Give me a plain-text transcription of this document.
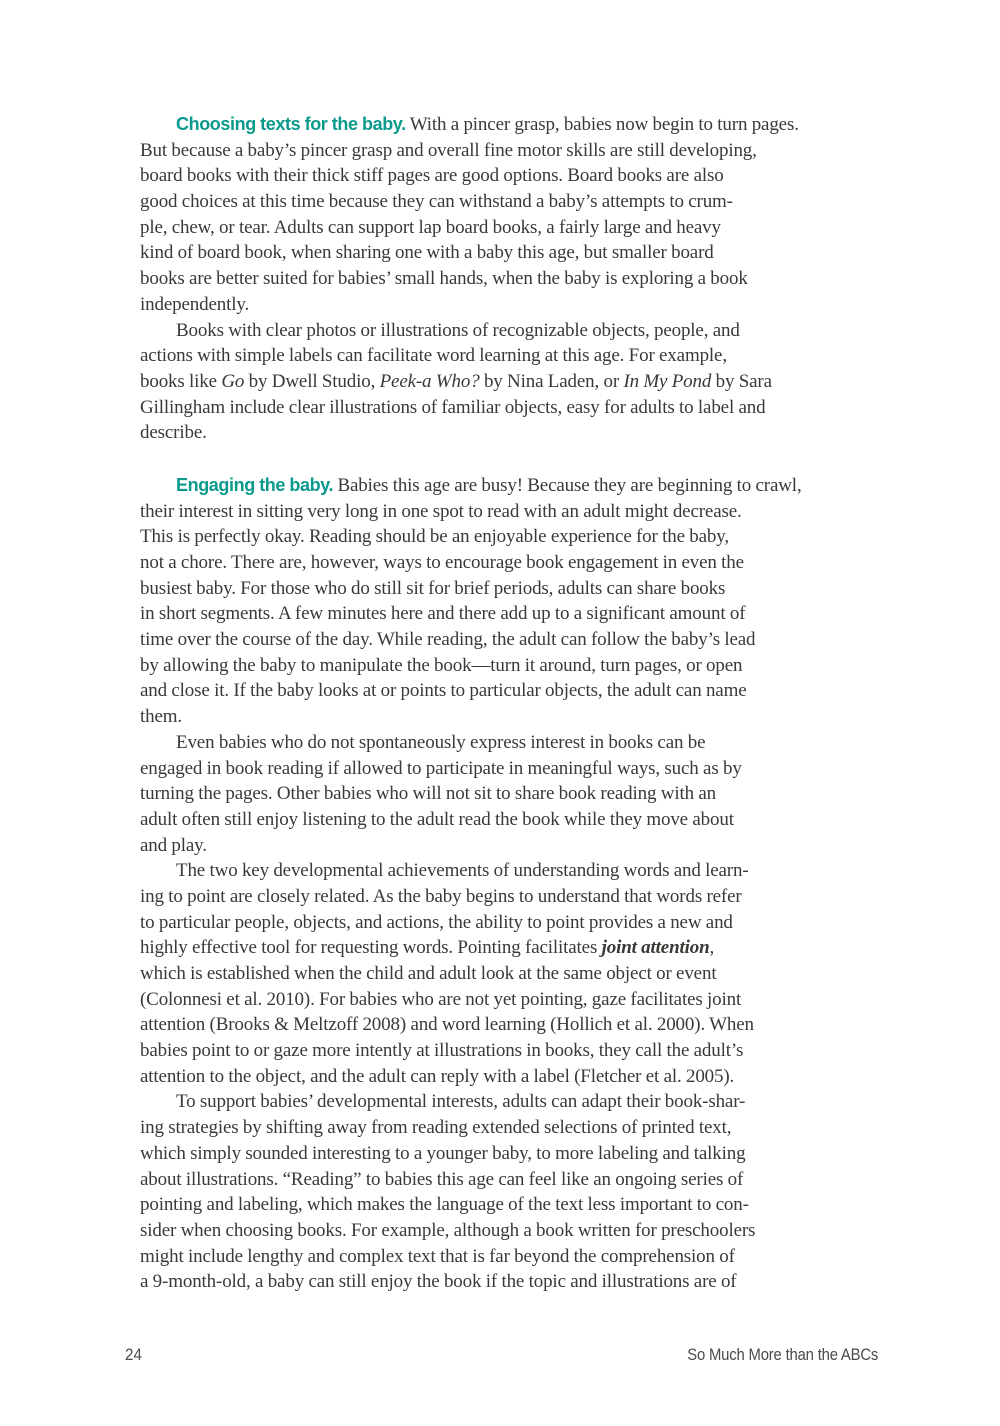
Choosing texts for the baby. With a pincer grasp, babies now begin to turn pages.
But because a baby’s pincer grasp and overall fine motor skills are still developing,
board books with their thick stiff pages are good options. Board books are also
good choices at this time because they can withstand a baby’s attempts to crum-
ple, chew, or tear. Adults can support lap board books, a fairly large and heavy
kind of board book, when sharing one with a baby this age, but smaller board
books are better suited for babies’ small hands, when the baby is exploring a book
independently.
Books with clear photos or illustrations of recognizable objects, people, and
actions with simple labels can facilitate word learning at this age. For example,
books like Go by Dwell Studio, Peek-a Who? by Nina Laden, or In My Pond by Sara
Gillingham include clear illustrations of familiar objects, easy for adults to label and
describe.
Engaging the baby. Babies this age are busy! Because they are beginning to crawl,
their interest in sitting very long in one spot to read with an adult might decrease.
This is perfectly okay. Reading should be an enjoyable experience for the baby,
not a chore. There are, however, ways to encourage book engagement in even the
busiest baby. For those who do still sit for brief periods, adults can share books
in short segments. A few minutes here and there add up to a significant amount of
time over the course of the day. While reading, the adult can follow the baby’s lead
by allowing the baby to manipulate the book—turn it around, turn pages, or open
and close it. If the baby looks at or points to particular objects, the adult can name
them.
Even babies who do not spontaneously express interest in books can be
engaged in book reading if allowed to participate in meaningful ways, such as by
turning the pages. Other babies who will not sit to share book reading with an
adult often still enjoy listening to the adult read the book while they move about
and play.
The two key developmental achievements of understanding words and learn-
ing to point are closely related. As the baby begins to understand that words refer
to particular people, objects, and actions, the ability to point provides a new and
highly effective tool for requesting words. Pointing facilitates joint attention,
which is established when the child and adult look at the same object or event
(Colonnesi et al. 2010). For babies who are not yet pointing, gaze facilitates joint
attention (Brooks & Meltzoff 2008) and word learning (Hollich et al. 2000). When
babies point to or gaze more intently at illustrations in books, they call the adult’s
attention to the object, and the adult can reply with a label (Fletcher et al. 2005).
To support babies’ developmental interests, adults can adapt their book-shar-
ing strategies by shifting away from reading extended selections of printed text,
which simply sounded interesting to a younger baby, to more labeling and talking
about illustrations. “Reading” to babies this age can feel like an ongoing series of
pointing and labeling, which makes the language of the text less important to con-
sider when choosing books. For example, although a book written for preschoolers
might include lengthy and complex text that is far beyond the comprehension of
a 9-month-old, a baby can still enjoy the book if the topic and illustrations are of
24	So Much More than the ABCs
